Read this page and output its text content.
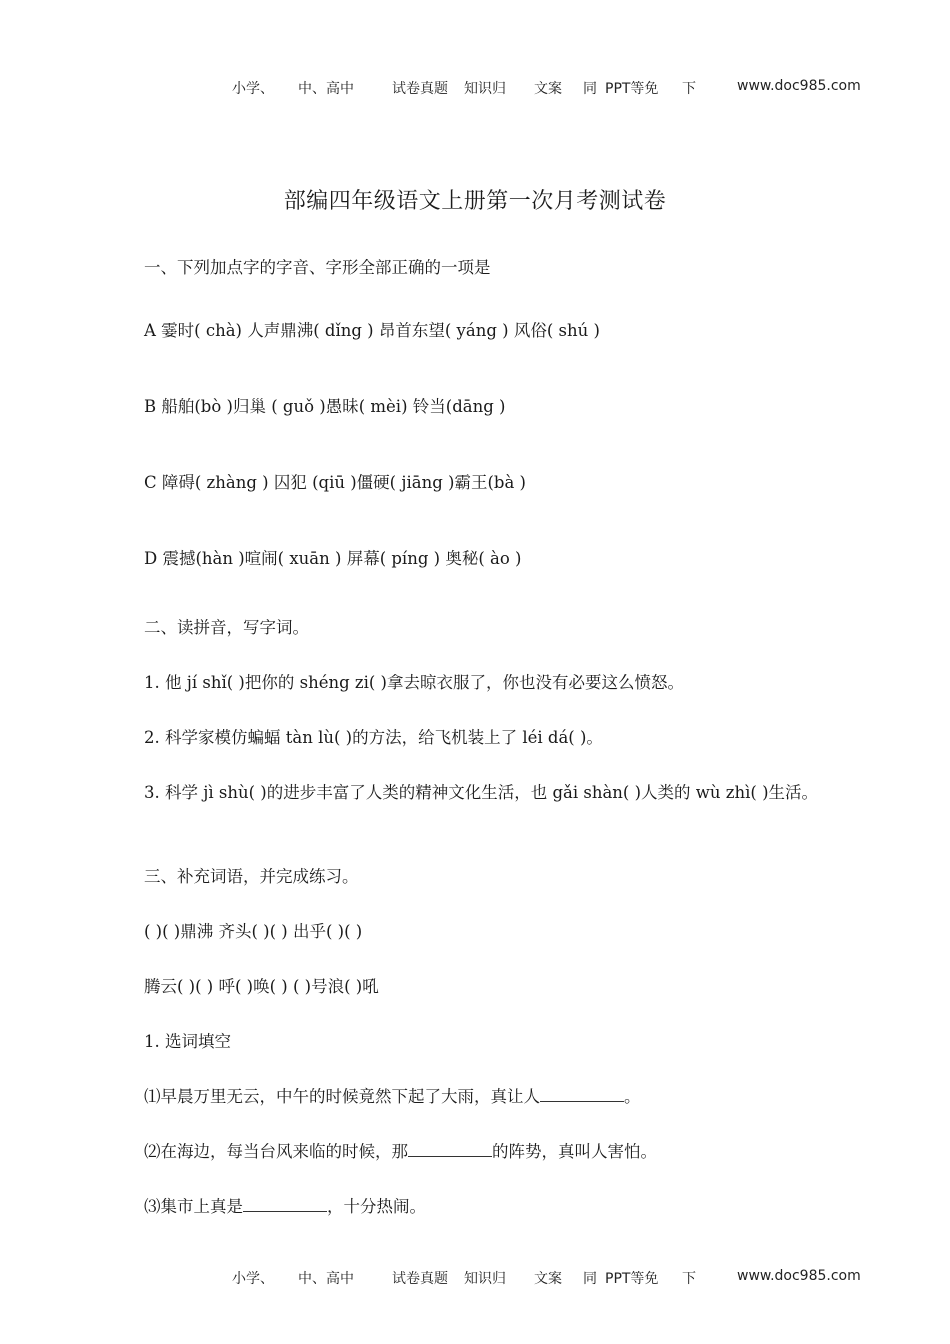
小学、 中、高中	试卷真题 知识归 文案 同 PPT等免 下	www.doc985.com
部编四年级语文上册第一次月考测试卷
一、下列加点字的字音、字形全部正确的一项是
A 霎时( chà) 人声鼎沸( dǐng ) 昂首东望( yáng ) 风俗( shú )
B 船舶(bò )归巢 ( guǒ )愚昧( mèi) 铃当(dāng )
C 障碍( zhàng ) 囚犯 (qiū )僵硬( jiāng )霸王(bà )
D 震撼(hàn )喧闹( xuān ) 屏幕( píng ) 奥秘( ào )
二、读拼音，写字词。
1. 他 jí shǐ( )把你的 shéng zi( )拿去晾衣服了，你也没有必要这么愤怒。
2. 科学家模仿蝙蝠 tàn lù( )的方法，给飞机装上了 léi dá( )。
3. 科学 jì shù( )的进步丰富了人类的精神文化生活，也 gǎi shàn( )人类的 wù zhì( )生活。
三、补充词语，并完成练习。
( )( )鼎沸 齐头( )( ) 出乎( )( )
腾云( )( ) 呼( )唤( ) ( )号浪( )吼
1. 选词填空
⑴早晨万里无云，中午的时候竟然下起了大雨，真让人	。
⑵在海边，每当台风来临的时候，那	的阵势，真叫人害怕。
⑶集市上真是	，十分热闹。
小学、 中、高中	试卷真题 知识归 文案 同 PPT等免 下	www.doc985.com
